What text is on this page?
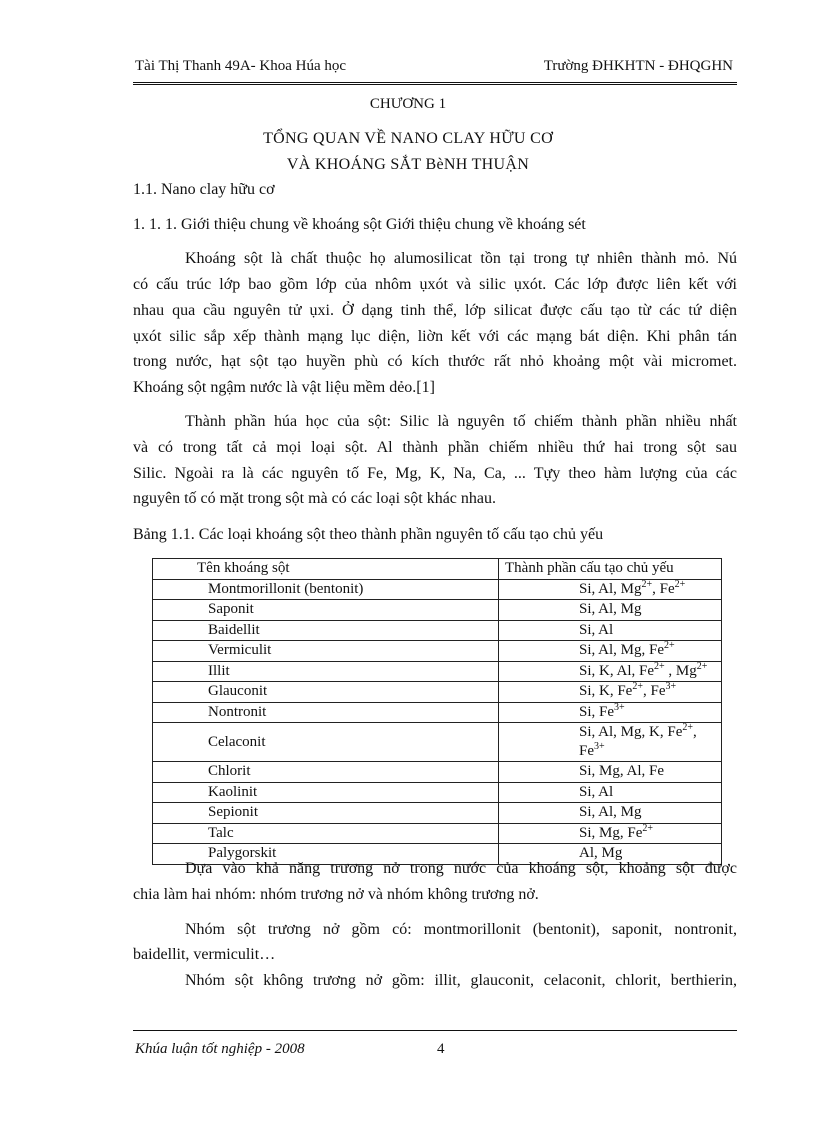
Tài Thị Thanh 49A- Khoa Húa học	Trường ĐHKHTN - ĐHQGHN
CHƯƠNG 1
TỔNG QUAN VỀ NANO CLAY HỮU CƠ
VÀ KHOÁNG SẮT BèNH THUẬN
1.1. Nano clay hữu cơ
1. 1. 1. Giới thiệu chung về khoáng sột Giới thiệu chung về khoáng sét
Khoáng sột là chất thuộc họ alumosilicat tồn tại trong tự nhiên thành mỏ. Nú
có cấu trúc lớp bao gồm lớp của nhôm ụxót và silic ụxót. Các lớp được liên kết với
nhau qua cầu nguyên tử ụxi. Ở dạng tinh thể, lớp silicat được cấu tạo từ các tứ diện
ụxót silic sắp xếp thành mạng lục diện, liờn kết với các mạng bát diện. Khi phân tán
trong nước, hạt sột tạo huyền phù có kích thước rất nhỏ khoảng một vài micromet.
Khoáng sột ngậm nước là vật liệu mềm dẻo.[1]
Thành phần húa học của sột: Silic là nguyên tố chiếm thành phần nhiều nhất
và có trong tất cả mọi loại sột. Al thành phần chiếm nhiều thứ hai trong sột sau
Silic. Ngoài ra là các nguyên tố Fe, Mg, K, Na, Ca, ... Tựy theo hàm lượng của các
nguyên tố có mặt trong sột mà có các loại sột khác nhau.
Bảng 1.1. Các loại khoáng sột theo thành phần nguyên tố cấu tạo chủ yếu
Tên khoáng sột	Thành phần cấu tạo chủ yếu
Montmorillonit (bentonit)	Si, Al, $Mg^{2+}$, $Fe^{2+}$
Saponit	Si, Al, Mg
Baidellit	Si, Al
Vermiculit	Si, Al, Mg, $Fe^{2+}$
Illit	Si, K, Al, $Fe^{2+}$ , $Mg^{2+}$
Glauconit	Si, K, $Fe^{2+}$, $Fe^{3+}$
Nontronit	Si, $Fe^{3+}$
Celaconit	Si, Al, Mg, K, $Fe^{2+}$, $Fe^{3+}$
Chlorit	Si, Mg, Al, Fe
Kaolinit	Si, Al
Sepionit	Si, Al, Mg
Talc	Si, Mg, $Fe^{2+}$
Palygorskit	Al, Mg
Dựa vào khả năng trương nở trong nước của khoáng sột, khoảng sột được
chia làm hai nhóm: nhóm trương nở và nhóm không trương nở.
Nhóm sột trương nở gồm có: montmorillonit (bentonit), saponit, nontronit,
baidellit, vermiculit…
Nhóm sột không trương nở gồm: illit, glauconit, celaconit, chlorit, berthierin,
Khúa luận tốt nghiệp - 2008	4
